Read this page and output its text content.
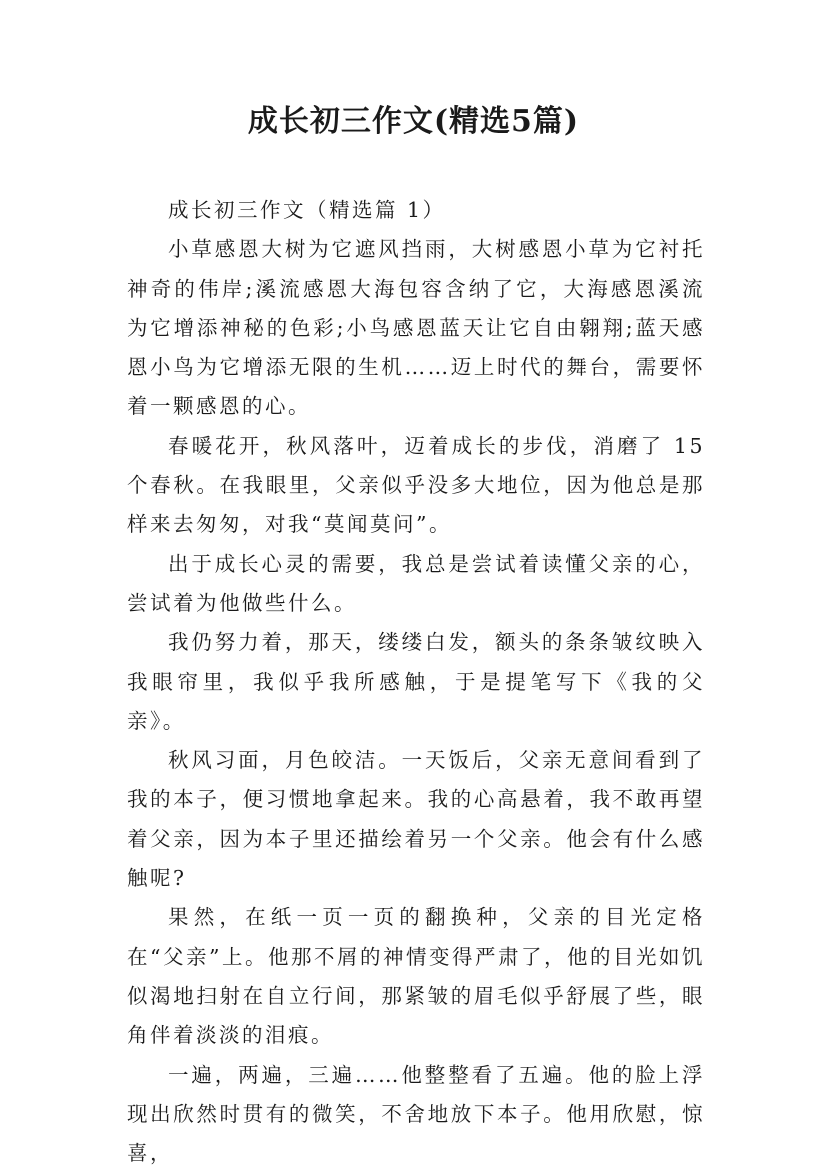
成长初三作文(精选5篇)

成长初三作文（精选篇 1）

小草感恩大树为它遮风挡雨，大树感恩小草为它衬托神奇的伟岸;溪流感恩大海包容含纳了它，大海感恩溪流为它增添神秘的色彩;小鸟感恩蓝天让它自由翱翔;蓝天感恩小鸟为它增添无限的生机……迈上时代的舞台，需要怀着一颗感恩的心。

春暖花开，秋风落叶，迈着成长的步伐，消磨了 15 个春秋。在我眼里，父亲似乎没多大地位，因为他总是那样来去匆匆，对我“莫闻莫问”。

出于成长心灵的需要，我总是尝试着读懂父亲的心，尝试着为他做些什么。

我仍努力着，那天，缕缕白发，额头的条条皱纹映入我眼帘里，我似乎我所感触，于是提笔写下《我的父亲》。

秋风习面，月色皎洁。一天饭后，父亲无意间看到了我的本子，便习惯地拿起来。我的心高悬着，我不敢再望着父亲，因为本子里还描绘着另一个父亲。他会有什么感触呢?

果然，在纸一页一页的翻换种，父亲的目光定格在“父亲”上。他那不屑的神情变得严肃了，他的目光如饥似渴地扫射在自立行间，那紧皱的眉毛似乎舒展了些，眼角伴着淡淡的泪痕。

一遍，两遍，三遍……他整整看了五遍。他的脸上浮现出欣然时贯有的微笑，不舍地放下本子。他用欣慰，惊喜，
